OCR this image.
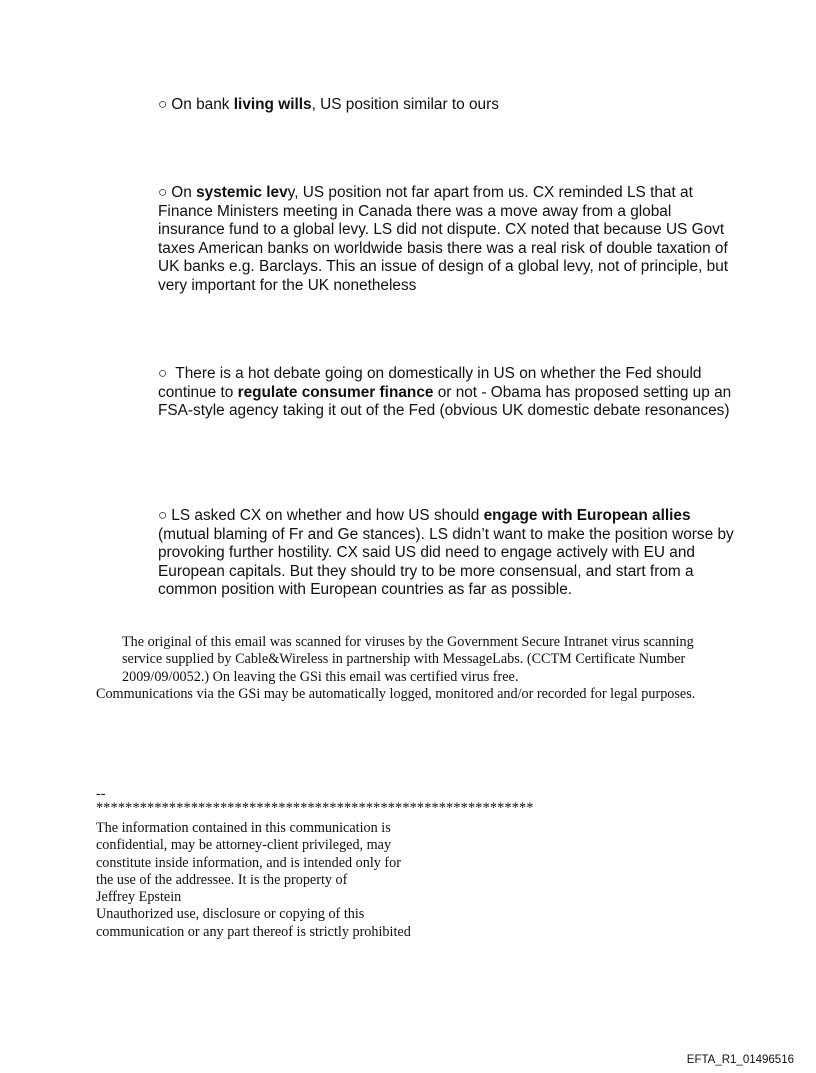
○ On bank living wills, US position similar to ours

○ On systemic levy, US position not far apart from us. CX reminded LS that at Finance Ministers meeting in Canada there was a move away from a global insurance fund to a global levy. LS did not dispute. CX noted that because US Govt taxes American banks on worldwide basis there was a real risk of double taxation of UK banks e.g. Barclays. This an issue of design of a global levy, not of principle, but very important for the UK nonetheless

○ There is a hot debate going on domestically in US on whether the Fed should continue to regulate consumer finance or not - Obama has proposed setting up an FSA-style agency taking it out of the Fed (obvious UK domestic debate resonances)

○ LS asked CX on whether and how US should engage with European allies (mutual blaming of Fr and Ge stances). LS didn’t want to make the position worse by provoking further hostility. CX said US did need to engage actively with EU and European capitals. But they should try to be more consensual, and start from a common position with European countries as far as possible.

The original of this email was scanned for viruses by the Government Secure Intranet virus scanning service supplied by Cable&Wireless in partnership with MessageLabs. (CCTM Certificate Number 2009/09/0052.) On leaving the GSi this email was certified virus free.
Communications via the GSi may be automatically logged, monitored and/or recorded for legal purposes.

--

************************************************************

The information contained in this communication is
confidential, may be attorney-client privileged, may
constitute inside information, and is intended only for
the use of the addressee. It is the property of
Jeffrey Epstein
Unauthorized use, disclosure or copying of this
communication or any part thereof is strictly prohibited
EFTA_R1_01496516
